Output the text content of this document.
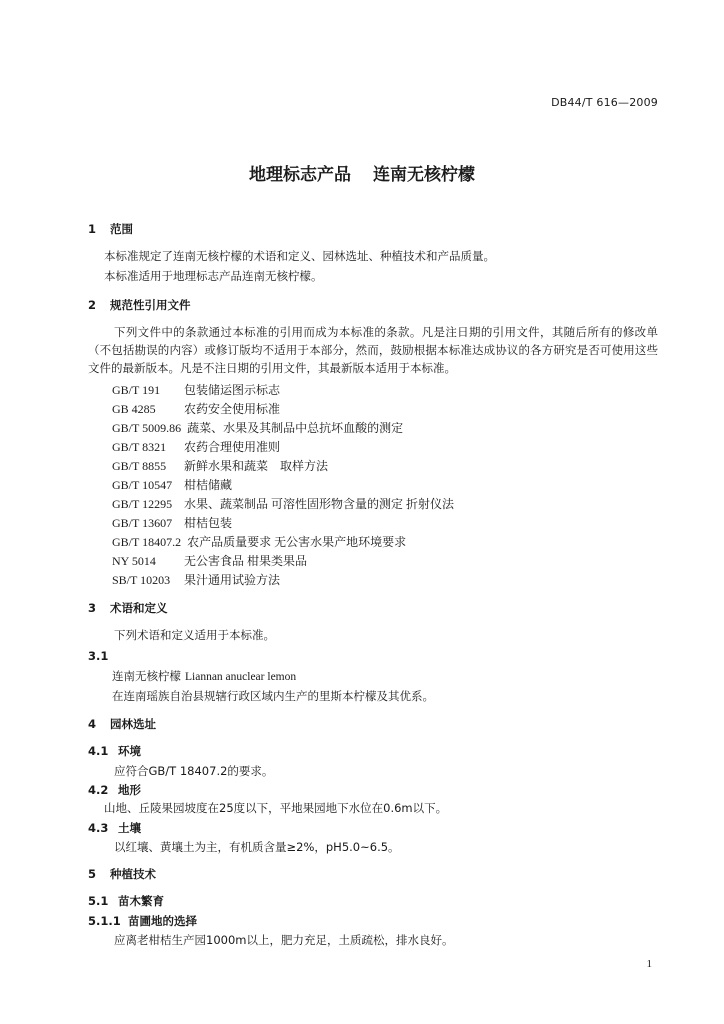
DB44/T 616—2009
地理标志产品 连南无核柠檬
1 范围
本标准规定了连南无核柠檬的术语和定义、园林选址、种植技术和产品质量。
本标准适用于地理标志产品连南无核柠檬。
2 规范性引用文件
下列文件中的条款通过本标准的引用而成为本标准的条款。凡是注日期的引用文件，其随后所有的修改单（不包括勘误的内容）或修订版均不适用于本部分，然而，鼓励根据本标准达成协议的各方研究是否可使用这些文件的最新版本。凡是不注日期的引用文件，其最新版本适用于本标准。
GB/T 191 包装储运图示标志
GB 4285 农药安全使用标准
GB/T 5009.86 蔬菜、水果及其制品中总抗坏血酸的测定
GB/T 8321 农药合理使用准则
GB/T 8855 新鲜水果和蔬菜　取样方法
GB/T 10547 柑桔储藏
GB/T 12295 水果、蔬菜制品 可溶性固形物含量的测定 折射仪法
GB/T 13607 柑桔包装
GB/T 18407.2 农产品质量要求 无公害水果产地环境要求
NY 5014 无公害食品 柑果类果品
SB/T 10203 果汁通用试验方法
3 术语和定义
下列术语和定义适用于本标准。
3.1
连南无核柠檬 Liannan anuclear lemon
在连南瑶族自治县规辖行政区域内生产的里斯本柠檬及其优系。
4 园林选址
4.1 环境
应符合GB/T 18407.2的要求。
4.2 地形
山地、丘陵果园坡度在25度以下，平地果园地下水位在0.6m以下。
4.3 土壤
以红壤、黄壤土为主，有机质含量≥2%，pH5.0~6.5。
5 种植技术
5.1 苗木繁育
5.1.1 苗圃地的选择
应离老柑桔生产园1000m以上，肥力充足，土质疏松，排水良好。
1
